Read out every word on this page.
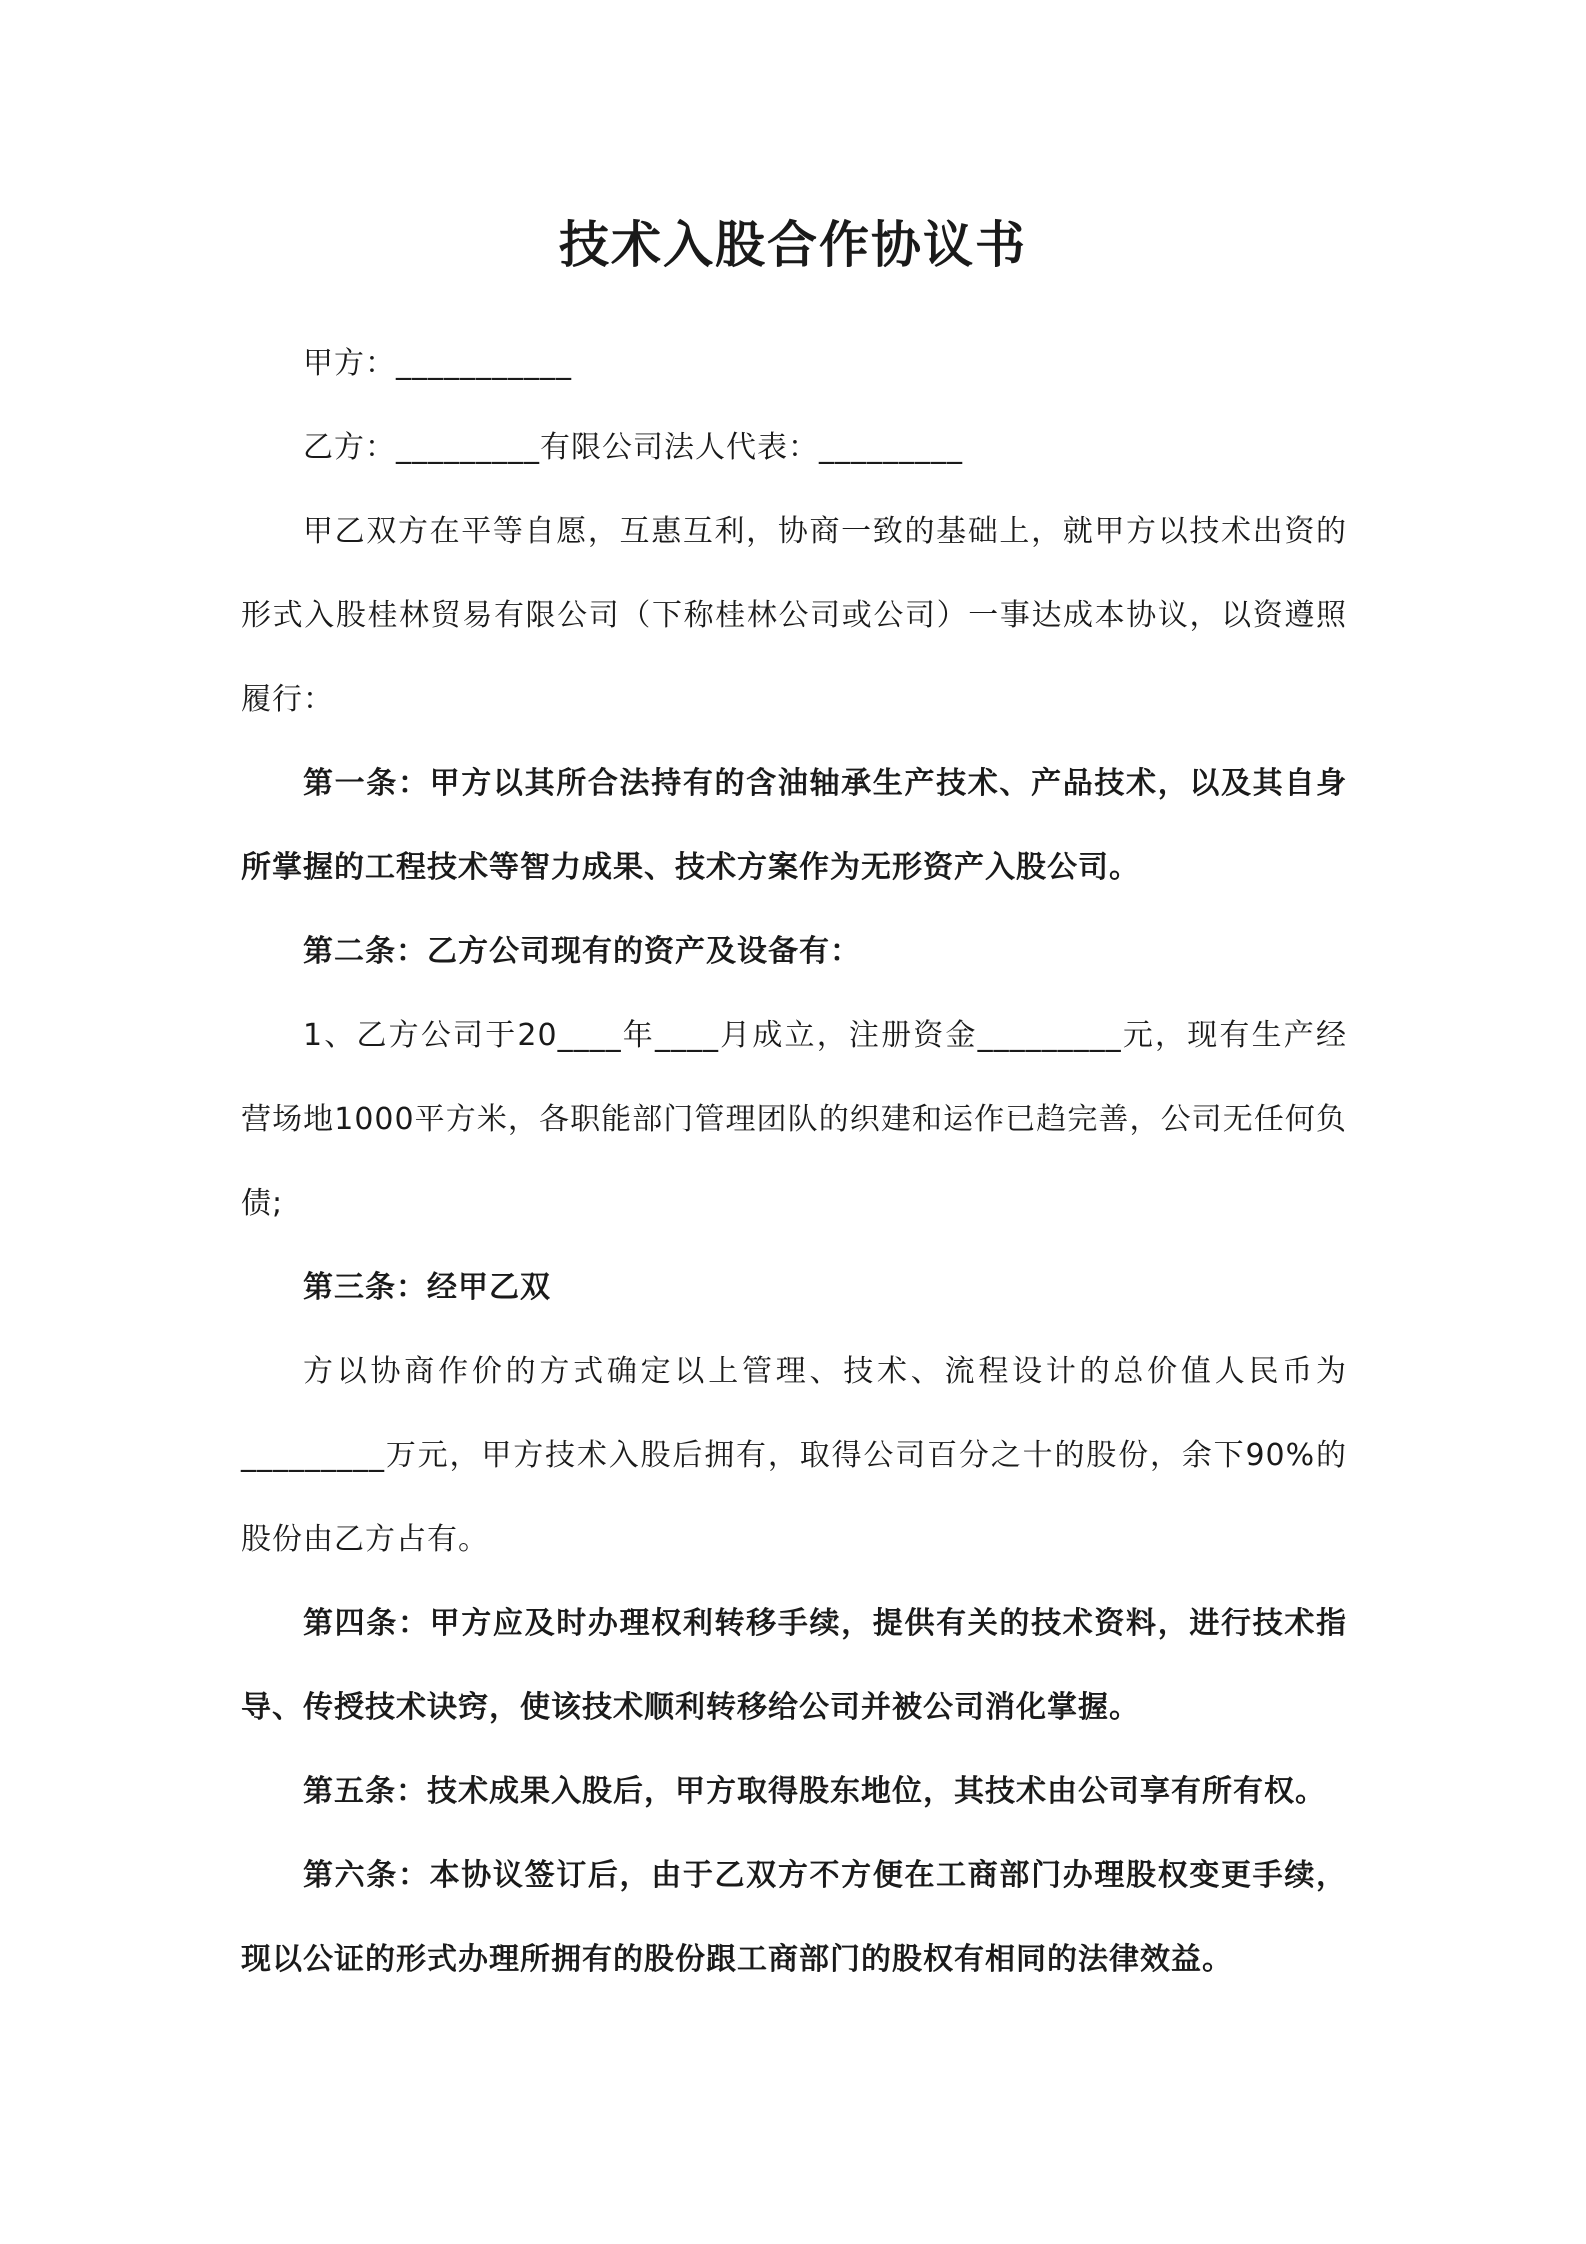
技术入股合作协议书

甲方：___________

乙方：_________有限公司法人代表：_________

甲乙双方在平等自愿，互惠互利，协商一致的基础上，就甲方以技术出资的形式入股桂林贸易有限公司（下称桂林公司或公司）一事达成本协议，以资遵照履行：

第一条：甲方以其所合法持有的含油轴承生产技术、产品技术，以及其自身所掌握的工程技术等智力成果、技术方案作为无形资产入股公司。

第二条：乙方公司现有的资产及设备有：

1、乙方公司于20____年____月成立，注册资金_________元，现有生产经营场地1000平方米，各职能部门管理团队的织建和运作已趋完善，公司无任何负债;

第三条：经甲乙双

方以协商作价的方式确定以上管理、技术、流程设计的总价值人民币为_________万元，甲方技术入股后拥有，取得公司百分之十的股份，余下90%的股份由乙方占有。

第四条：甲方应及时办理权利转移手续，提供有关的技术资料，进行技术指导、传授技术诀窍，使该技术顺利转移给公司并被公司消化掌握。

第五条：技术成果入股后，甲方取得股东地位，其技术由公司享有所有权。

第六条：本协议签订后，由于乙双方不方便在工商部门办理股权变更手续，现以公证的形式办理所拥有的股份跟工商部门的股权有相同的法律效益。
